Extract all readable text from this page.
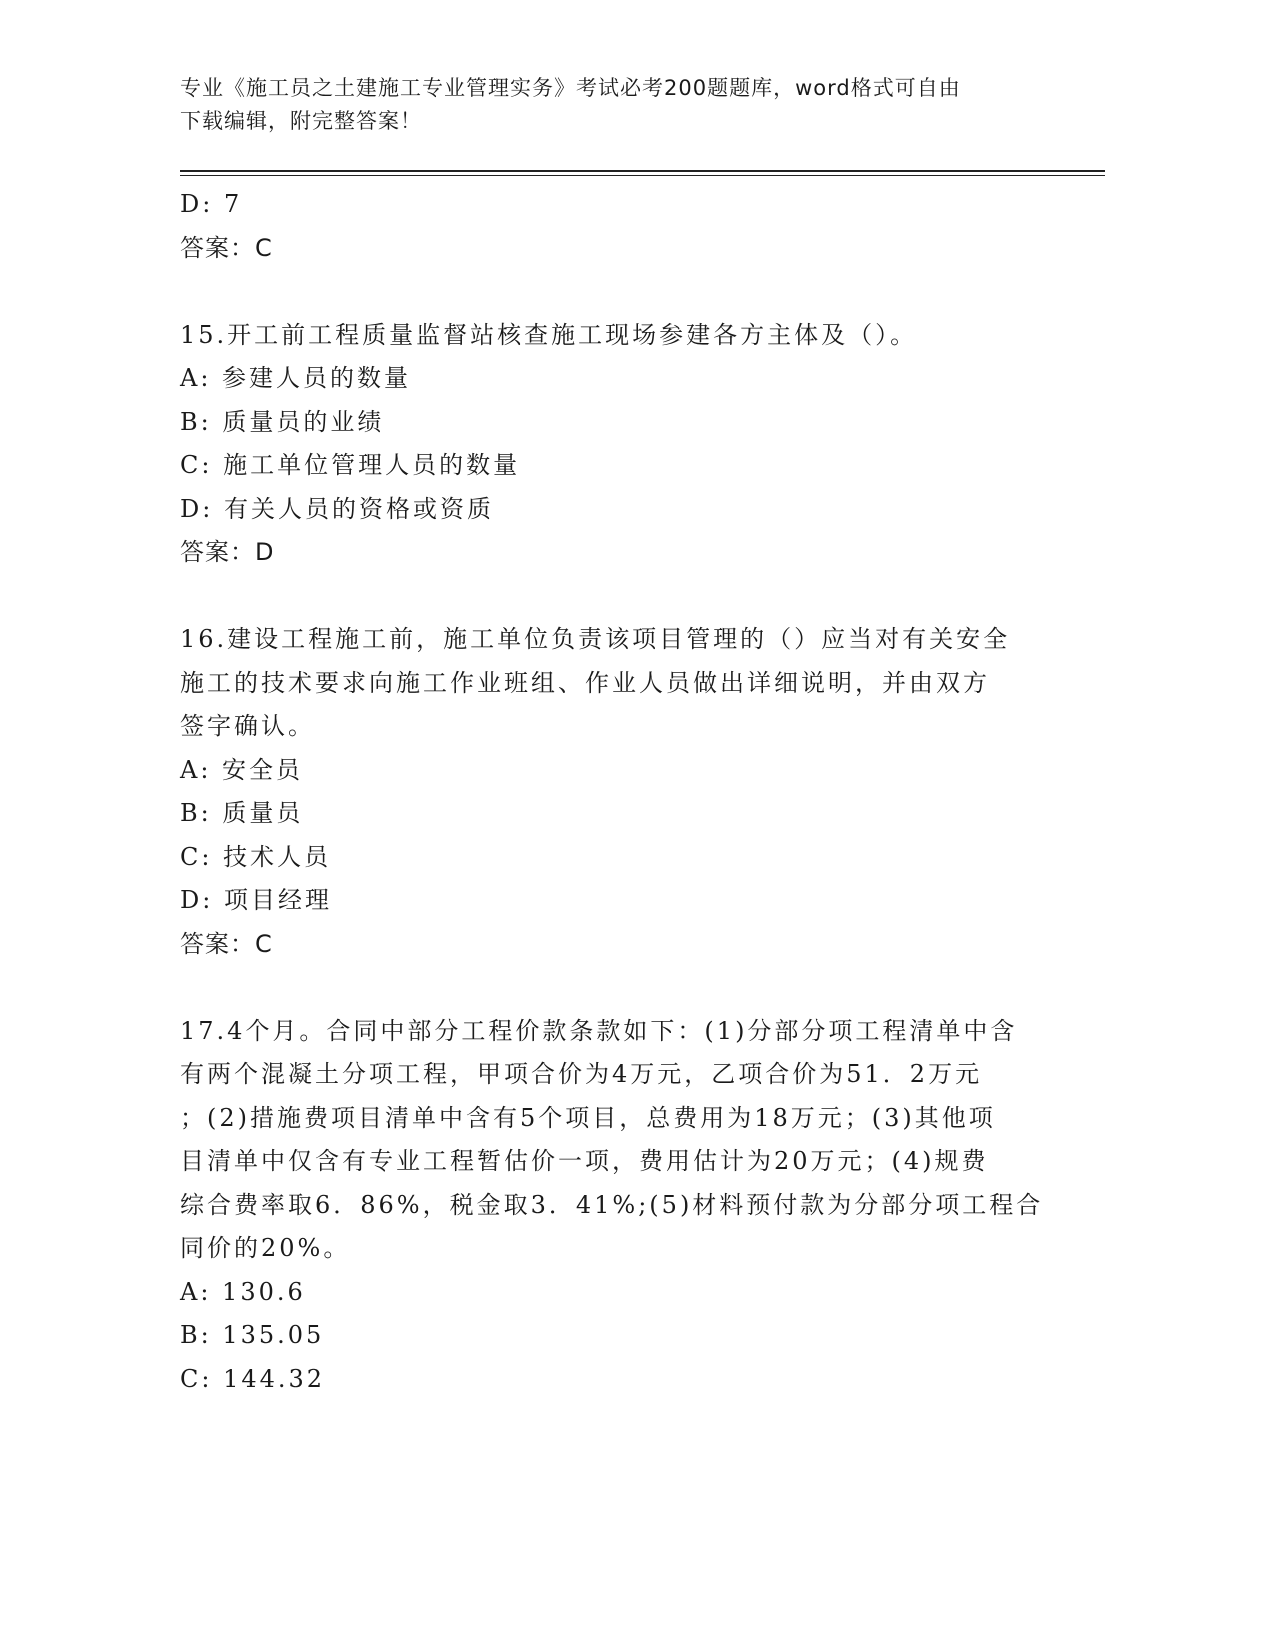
专业《施工员之土建施工专业管理实务》考试必考200题题库，word格式可自由
下载编辑，附完整答案！
D: 7
答案：C
15.开工前工程质量监督站核查施工现场参建各方主体及（）。
A: 参建人员的数量
B: 质量员的业绩
C: 施工单位管理人员的数量
D: 有关人员的资格或资质
答案：D
16.建设工程施工前，施工单位负责该项目管理的（）应当对有关安全
施工的技术要求向施工作业班组、作业人员做出详细说明，并由双方
签字确认。
A: 安全员
B: 质量员
C: 技术人员
D: 项目经理
答案：C
17.4个月。合同中部分工程价款条款如下：(1)分部分项工程清单中含
有两个混凝土分项工程，甲项合价为4万元，乙项合价为51．2万元
；(2)措施费项目清单中含有5个项目，总费用为18万元；(3)其他项
目清单中仅含有专业工程暂估价一项，费用估计为20万元；(4)规费
综合费率取6．86%，税金取3．41%;(5)材料预付款为分部分项工程合
同价的20%。
A: 130.6
B: 135.05
C: 144.32
